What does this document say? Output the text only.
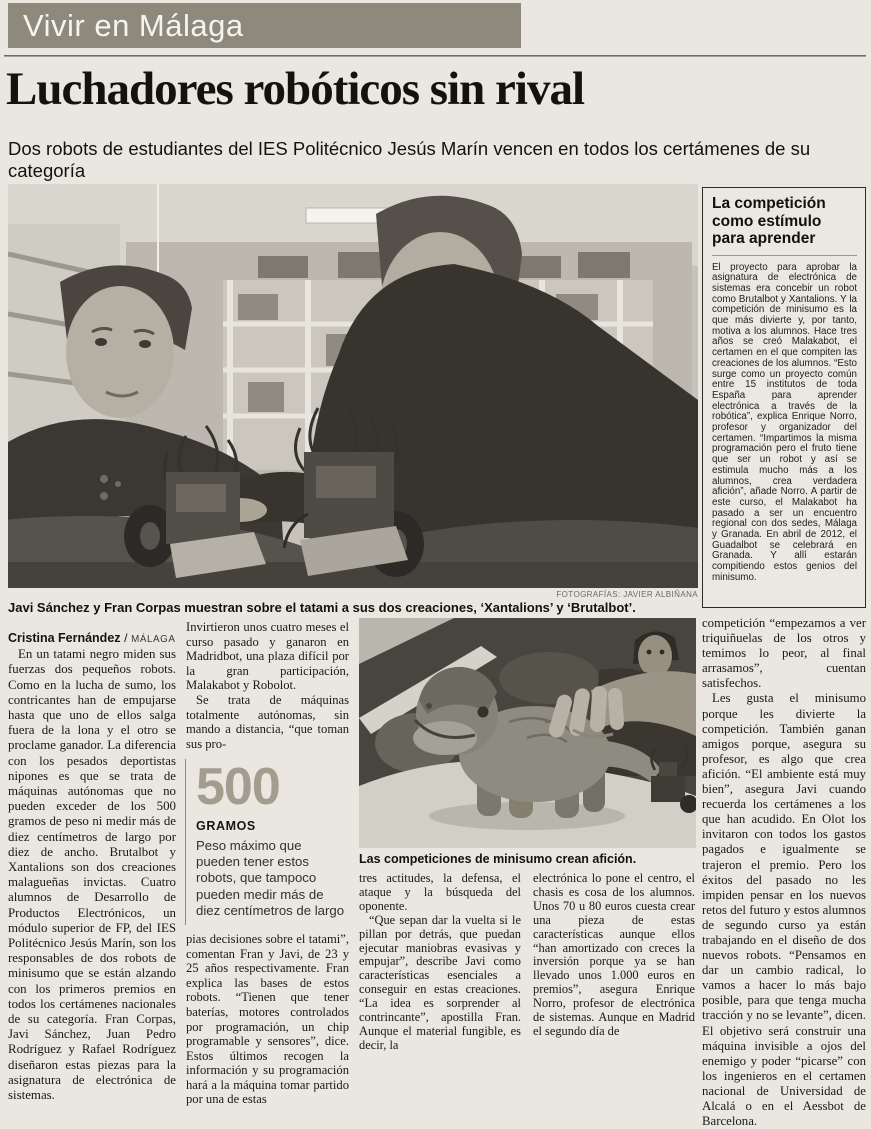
Vivir en Málaga
Luchadores robóticos sin rival
Dos robots de estudiantes del IES Politécnico Jesús Marín vencen en todos los certámenes de su categoría
FOTOGRAFÍAS: JAVIER ALBIÑANA
Javi Sánchez y Fran Corpas muestran sobre el tatami a sus dos creaciones, ‘Xantalions’ y ‘Brutalbot’.

La competición como estímulo para aprender

El proyecto para aprobar la asignatura de electrónica de sistemas era concebir un robot como Brutalbot y Xantalions. Y la competición de minisumo es la que más divierte y, por tanto, motiva a los alumnos. Hace tres años se creó Malakabot, el certamen en el que compiten las creaciones de los alumnos. “Esto surge como un proyecto común entre 15 institutos de toda España para aprender electrónica a través de la robótica”, explica Enrique Norro, profesor y organizador del certamen. “Impartimos la misma programación pero el fruto tiene que ser un robot y así se estimula mucho más a los alumnos, crea verdadera afición”, añade Norro. A partir de este curso, el Malakabot ha pasado a ser un encuentro regional con dos sedes, Málaga y Granada. En abril de 2012, el Guadalbot se celebrará en Granada. Y allí estarán compitiendo estos genios del minisumo.

Cristina Fernández / MÁLAGA

En un tatami negro miden sus fuerzas dos pequeños robots. Como en la lucha de sumo, los contricantes han de empujarse hasta que uno de ellos salga fuera de la lona y el otro se proclame ganador. La diferencia con los pesados deportistas nipones es que se trata de máquinas autónomas que no pueden exceder de los 500 gramos de peso ni medir más de diez centímetros de largo por diez de ancho. Brutalbot y Xantalions son dos creaciones malagueñas invictas. Cuatro alumnos de Desarrollo de Productos Electrónicos, un módulo superior de FP, del IES Politécnico Jesús Marín, son los responsables de dos robots de minisumo que se están alzando con los primeros premios en todos los certámenes nacionales de su categoría. Fran Corpas, Javi Sánchez, Juan Pedro Rodríguez y Rafael Rodríguez diseñaron estas piezas para la asignatura de electrónica de sistemas.

Invirtieron unos cuatro meses el curso pasado y ganaron en Madridbot, una plaza difícil por la gran participación, Malakabot y Robolot.

Se trata de máquinas totalmente autónomas, sin mando a distancia, “que toman sus pro-

500
GRAMOS
Peso máximo que pueden tener estos robots, que tampoco pueden medir más de diez centímetros de largo

pias decisiones sobre el tatami”, comentan Fran y Javi, de 23 y 25 años respectivamente. Fran explica las bases de estos robots. “Tienen que tener baterías, motores controlados por programación, un chip programable y sensores”, dice. Estos últimos recogen la información y su programación hará a la máquina tomar partido por una de estas

Las competiciones de minisumo crean afición.

tres actitudes, la defensa, el ataque y la búsqueda del oponente.

“Que sepan dar la vuelta si le pillan por detrás, que puedan ejecutar maniobras evasivas y empujar”, describe Javi como características esenciales a conseguir en estas creaciones. “La idea es sorprender al contrincante”, apostilla Fran. Aunque el material fungible, es decir, la

electrónica lo pone el centro, el chasis es cosa de los alumnos. Unos 70 u 80 euros cuesta crear una pieza de estas características aunque ellos “han amortizado con creces la inversión porque ya se han llevado unos 1.000 euros en premios”, asegura Enrique Norro, profesor de electrónica de sistemas. Aunque en Madrid el segundo día de

competición “empezamos a ver triquiñuelas de los otros y temimos lo peor, al final arrasamos”, cuentan satisfechos.

Les gusta el minisumo porque les divierte la competición. También ganan amigos porque, asegura su profesor, es algo que crea afición. “El ambiente está muy bien”, asegura Javi cuando recuerda los certámenes a los que han acudido. En Olot los invitaron con todos los gastos pagados e igualmente se trajeron el premio. Pero los éxitos del pasado no les impiden pensar en los nuevos retos del futuro y estos alumnos de segundo curso ya están trabajando en el diseño de dos nuevos robots. “Pensamos en dar un cambio radical, lo vamos a hacer lo más bajo posible, para que tenga mucha tracción y no se levante”, dicen. El objetivo será construir una máquina invisible a ojos del enemigo y poder “picarse” con los ingenieros en el certamen nacional de Universidad de Alcalá o en el Aessbot de Barcelona.
